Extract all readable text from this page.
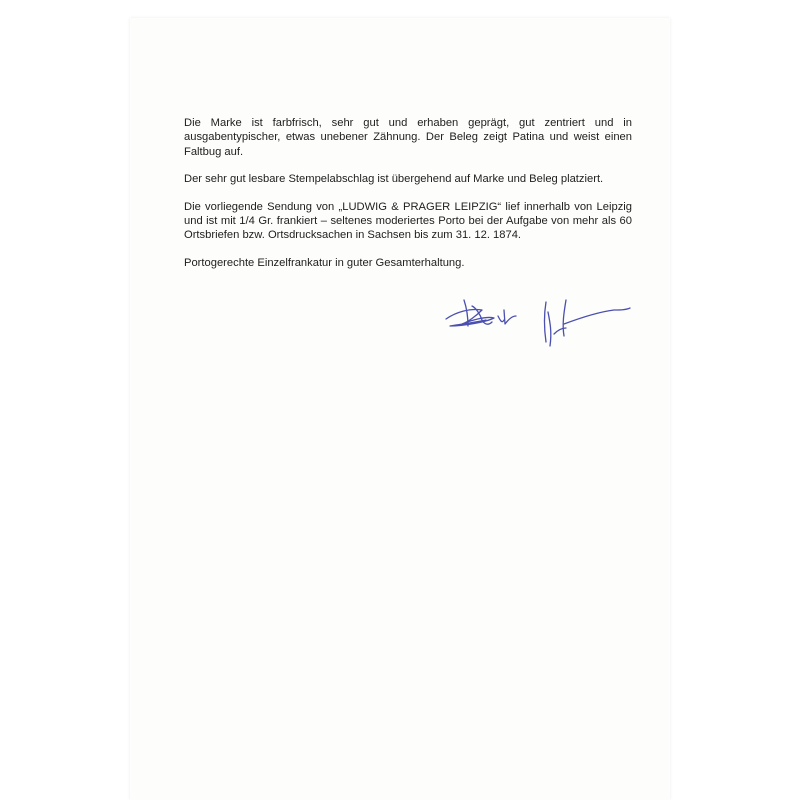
Die Marke ist farbfrisch, sehr gut und erhaben geprägt, gut zentriert und in ausgabentypischer, etwas unebener Zähnung. Der Beleg zeigt Patina und weist einen Faltbug auf.

Der sehr gut lesbare Stempelabschlag ist übergehend auf Marke und Beleg platziert.

Die vorliegende Sendung von „LUDWIG & PRAGER LEIPZIG“ lief innerhalb von Leipzig und ist mit 1/4 Gr. frankiert – seltenes moderiertes Porto bei der Aufgabe von mehr als 60 Ortsbriefen bzw. Ortsdrucksachen in Sachsen bis zum 31. 12. 1874.

Portogerechte Einzelfrankatur in guter Gesamterhaltung.
